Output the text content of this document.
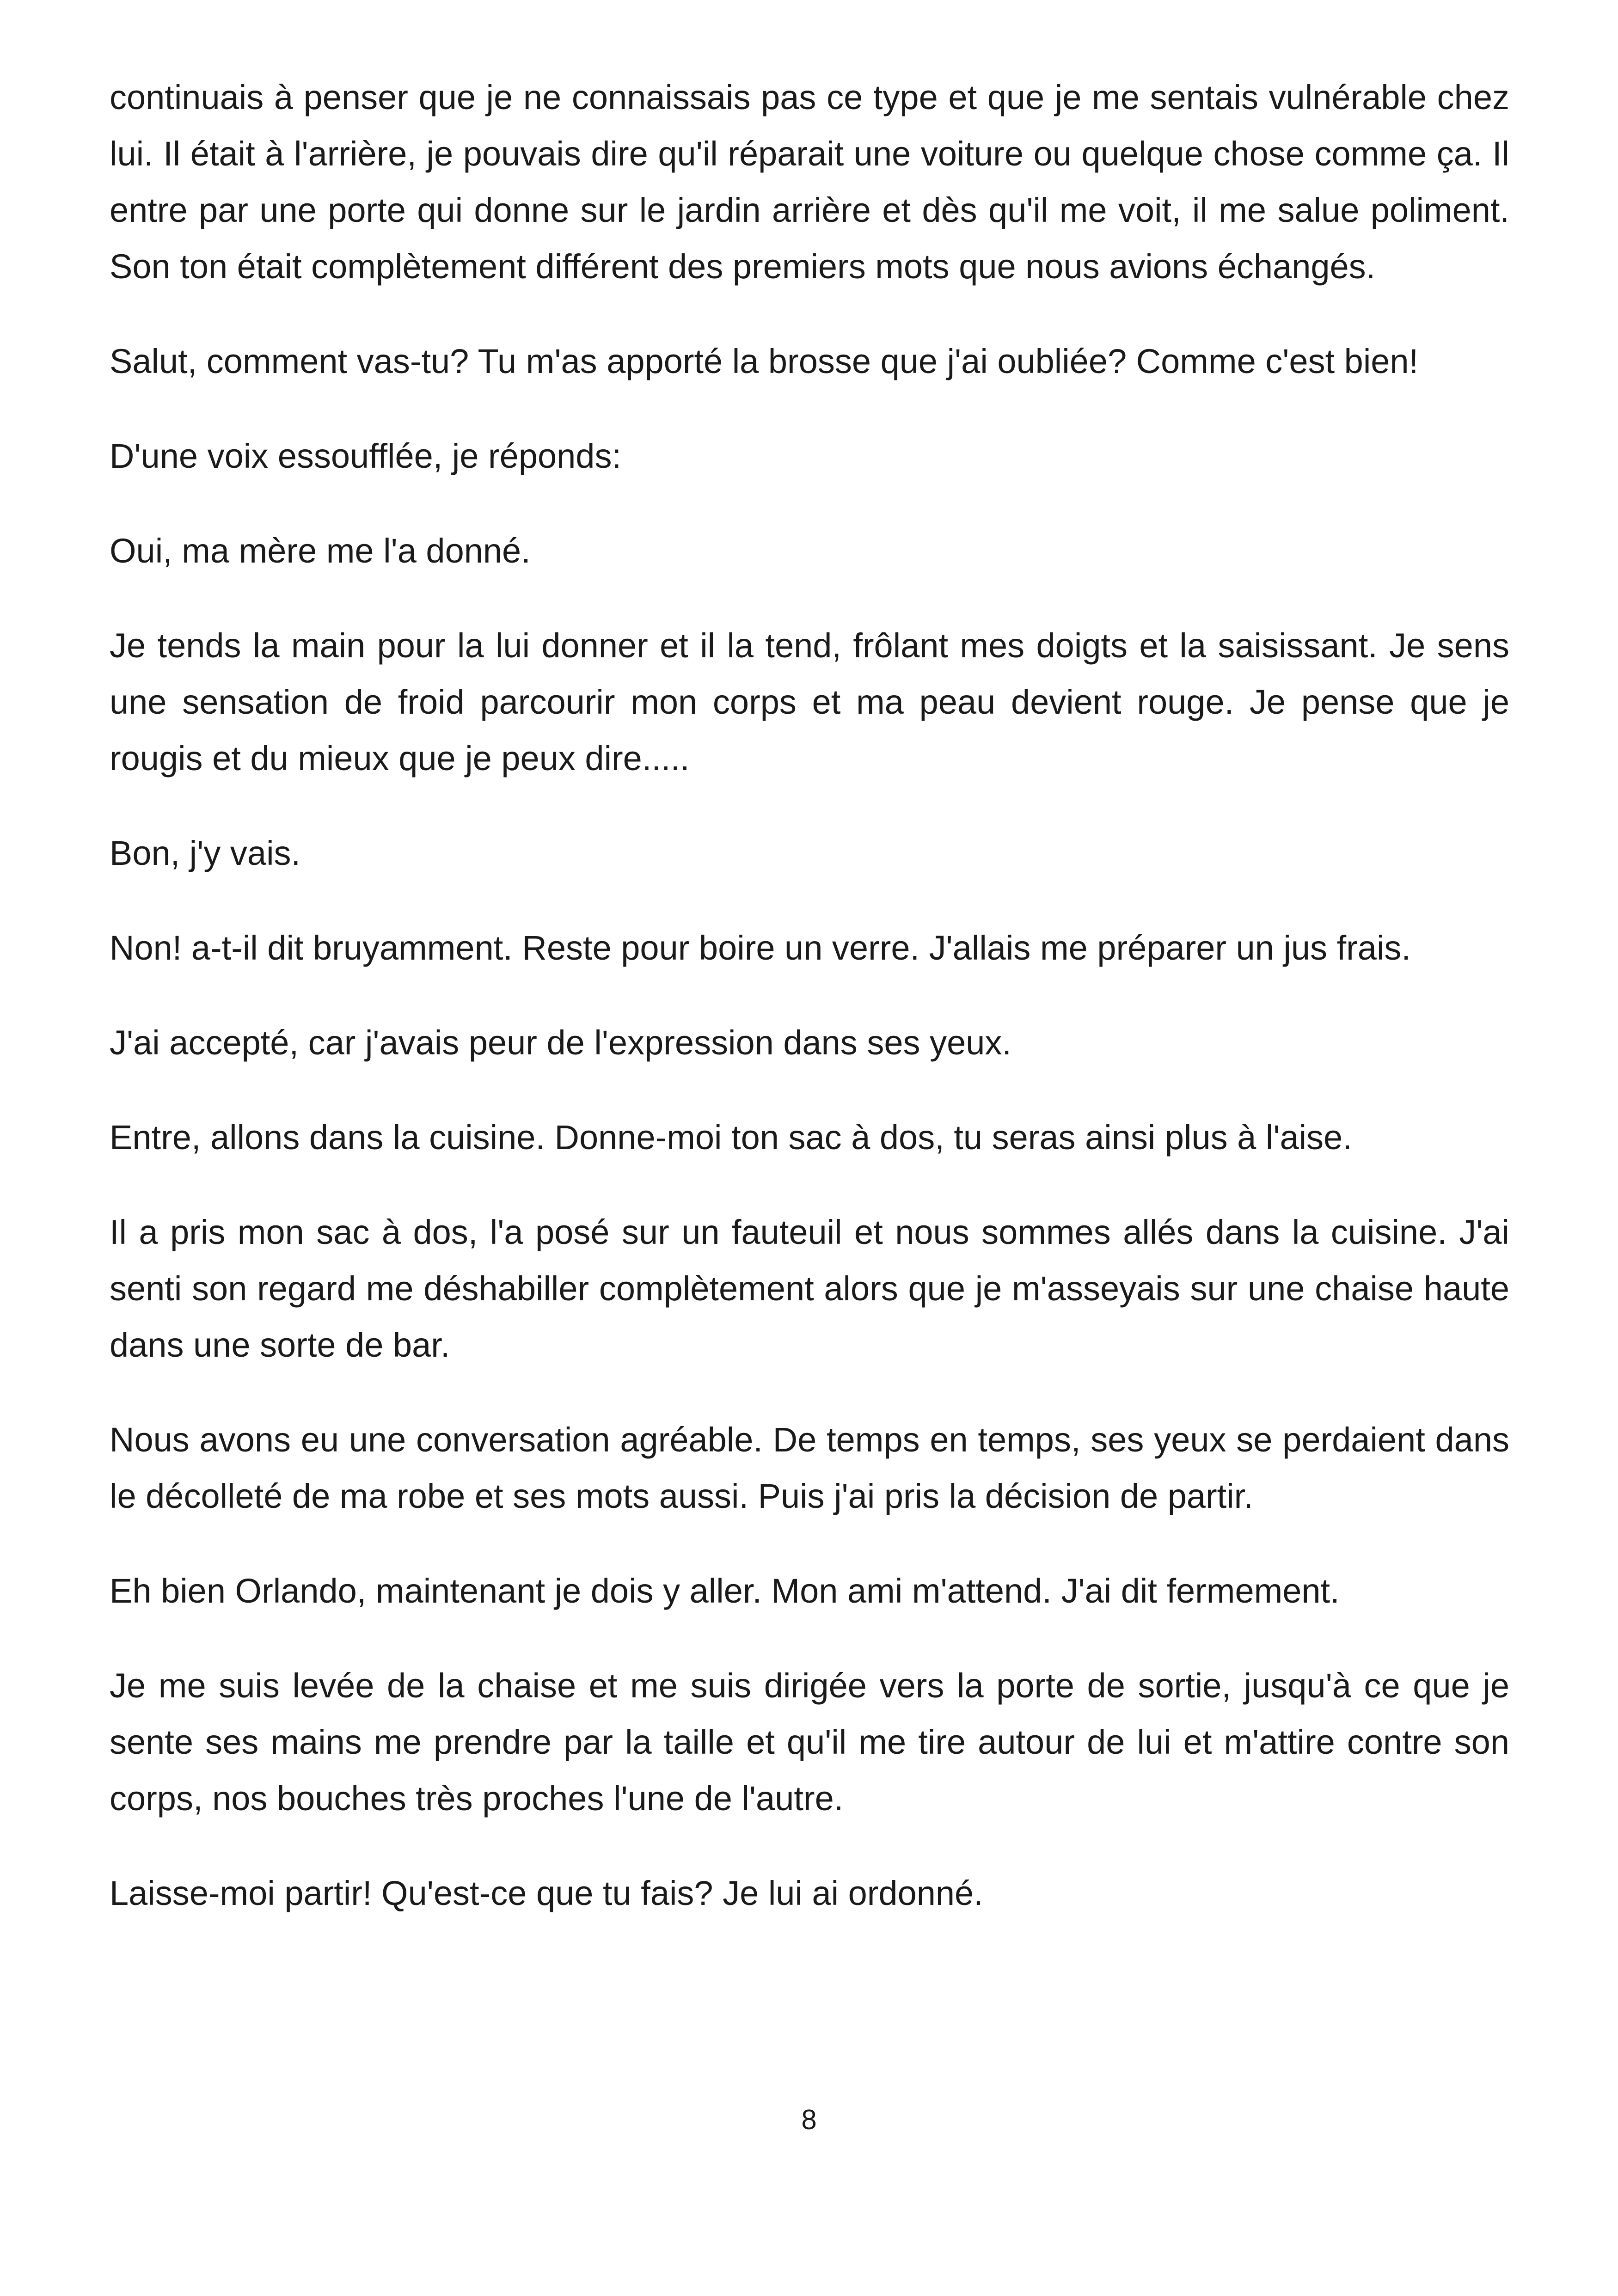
continuais à penser que je ne connaissais pas ce type et que je me sentais vulnérable chez lui. Il était à l'arrière, je pouvais dire qu'il réparait une voiture ou quelque chose comme ça. Il entre par une porte qui donne sur le jardin arrière et dès qu'il me voit, il me salue poliment. Son ton était complètement différent des premiers mots que nous avions échangés.

Salut, comment vas-tu? Tu m'as apporté la brosse que j'ai oubliée? Comme c'est bien!

D'une voix essoufflée, je réponds:

Oui, ma mère me l'a donné.

Je tends la main pour la lui donner et il la tend, frôlant mes doigts et la saisissant. Je sens une sensation de froid parcourir mon corps et ma peau devient rouge. Je pense que je rougis et du mieux que je peux dire.....

Bon, j'y vais.

Non! a-t-il dit bruyamment. Reste pour boire un verre. J'allais me préparer un jus frais.

J'ai accepté, car j'avais peur de l'expression dans ses yeux.

Entre, allons dans la cuisine. Donne-moi ton sac à dos, tu seras ainsi plus à l'aise.

Il a pris mon sac à dos, l'a posé sur un fauteuil et nous sommes allés dans la cuisine. J'ai senti son regard me déshabiller complètement alors que je m'asseyais sur une chaise haute dans une sorte de bar.

Nous avons eu une conversation agréable. De temps en temps, ses yeux se perdaient dans le décolleté de ma robe et ses mots aussi. Puis j'ai pris la décision de partir.

Eh bien Orlando, maintenant je dois y aller. Mon ami m'attend. J'ai dit fermement.

Je me suis levée de la chaise et me suis dirigée vers la porte de sortie, jusqu'à ce que je sente ses mains me prendre par la taille et qu'il me tire autour de lui et m'attire contre son corps, nos bouches très proches l'une de l'autre.

Laisse-moi partir! Qu'est-ce que tu fais? Je lui ai ordonné.

8
